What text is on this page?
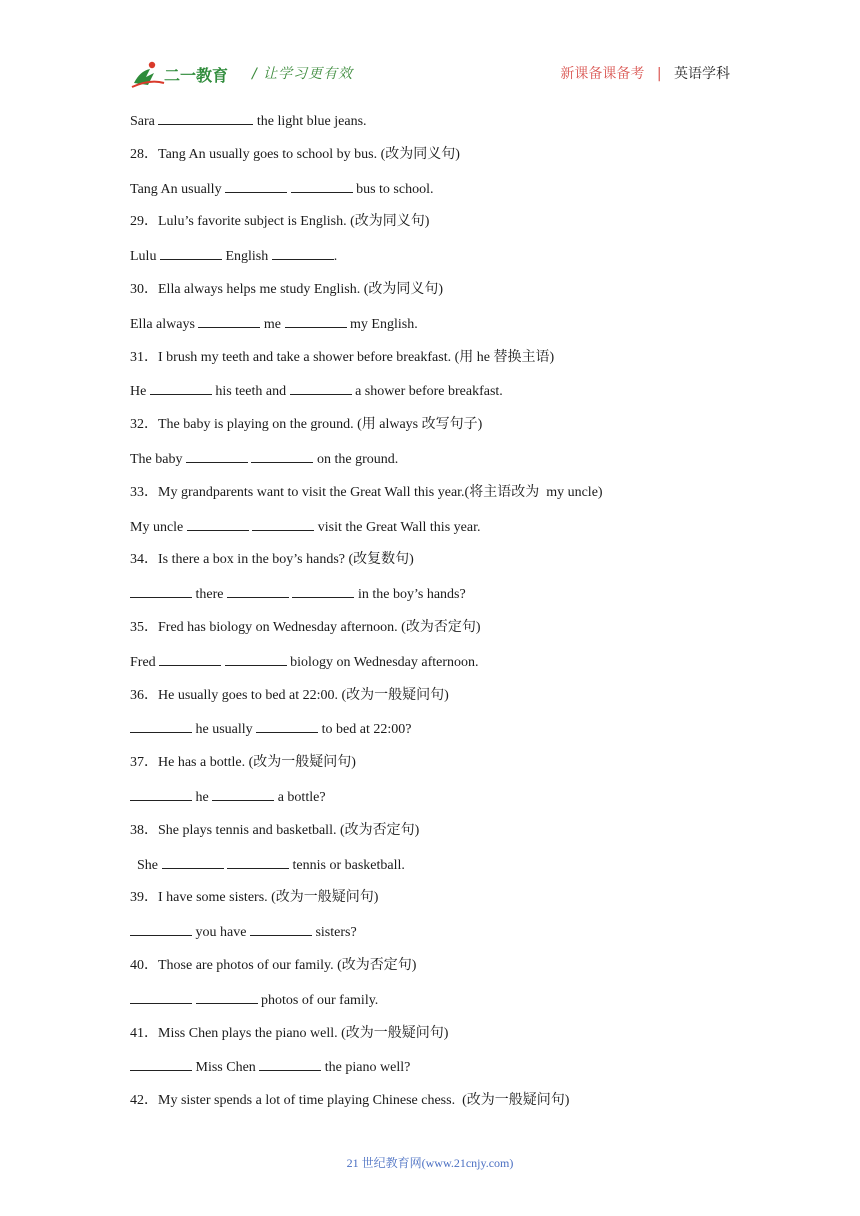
二一教育 / 让学习更有效	新课备课备考 | 英语学科
Sara	the light blue jeans.
28．Tang An usually goes to school by bus. (改为同义句)
Tang An usually	bus to school.
29．Lulu’s favorite subject is English. (改为同义句)
Lulu	English	.
30．Ella always helps me study English. (改为同义句)
Ella always	me	my English.
31．I brush my teeth and take a shower before breakfast. (用 he 替换主语)
He	his teeth and	a shower before breakfast.
32．The baby is playing on the ground. (用 always 改写句子)
The baby	on the ground.
33．My grandparents want to visit the Great Wall this year.(将主语改为  my uncle)
My uncle	visit the Great Wall this year.
34．Is there a box in the boy’s hands? (改复数句)
there	in the boy’s hands?
35．Fred has biology on Wednesday afternoon. (改为否定句)
Fred	biology on Wednesday afternoon.
36．He usually goes to bed at 22:00. (改为一般疑问句)
he usually	to bed at 22:00?
37．He has a bottle. (改为一般疑问句)
he	a bottle?
38．She plays tennis and basketball. (改为否定句)
She	tennis or basketball.
39．I have some sisters. (改为一般疑问句)
you have	sisters?
40．Those are photos of our family. (改为否定句)
photos of our family.
41．Miss Chen plays the piano well. (改为一般疑问句)
Miss Chen	the piano well?
42．My sister spends a lot of time playing Chinese chess.  (改为一般疑问句)
21 世纪教育网(www.21cnjy.com)
